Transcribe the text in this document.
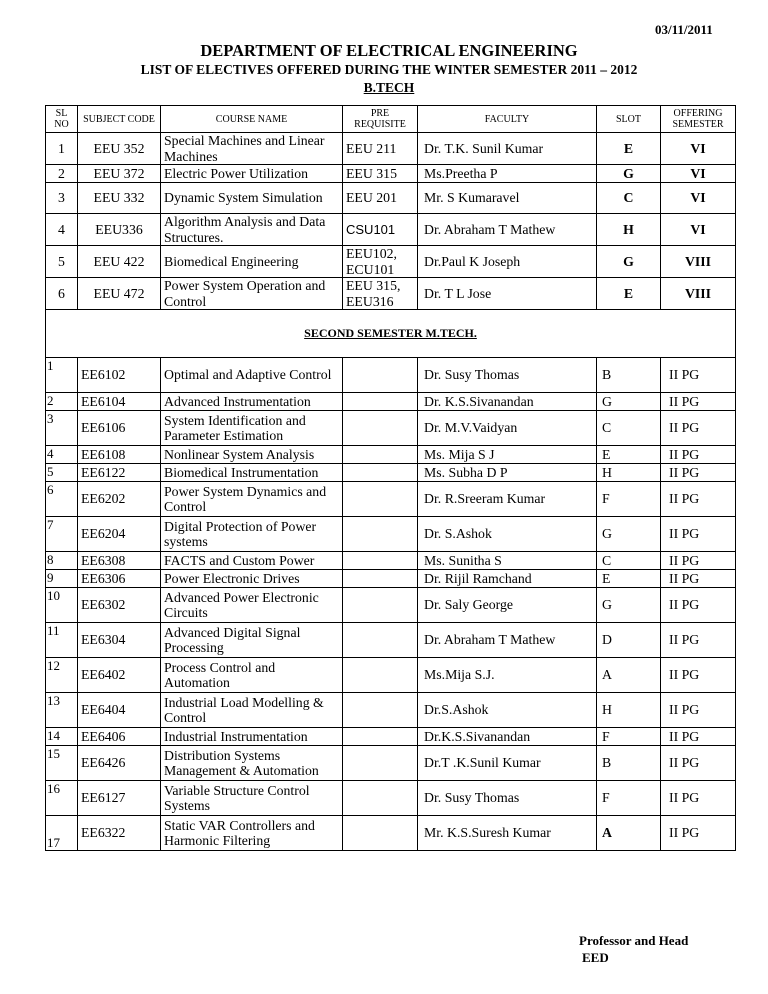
03/11/2011
DEPARTMENT OF ELECTRICAL ENGINEERING
LIST OF ELECTIVES OFFERED DURING THE WINTER SEMESTER 2011 – 2012
B.TECH
SL NO	SUBJECT CODE	COURSE NAME	PRE REQUISITE	FACULTY	SLOT	OFFERING SEMESTER
1	EEU 352	Special Machines and Linear Machines	EEU 211	Dr. T.K. Sunil Kumar	E	VI
2	EEU 372	Electric Power Utilization	EEU 315	Ms.Preetha P	G	VI
3	EEU 332	Dynamic System Simulation	EEU 201	Mr. S Kumaravel	C	VI
4	EEU336	Algorithm Analysis and Data Structures.	CSU101	Dr. Abraham T Mathew	H	VI
5	EEU 422	Biomedical Engineering	EEU102, ECU101	Dr.Paul K Joseph	G	VIII
6	EEU 472	Power System Operation and Control	EEU 315, EEU316	Dr. T L Jose	E	VIII
SECOND SEMESTER M.TECH.						
1	EE6102	Optimal and Adaptive Control		Dr. Susy Thomas	B	II PG
2	EE6104	Advanced Instrumentation		Dr. K.S.Sivanandan	G	II PG
3	EE6106	System Identification and Parameter Estimation		Dr. M.V.Vaidyan	C	II PG
4	EE6108	Nonlinear System Analysis		Ms. Mija S J	E	II PG
5	EE6122	Biomedical Instrumentation		Ms. Subha D P	H	II PG
6	EE6202	Power System Dynamics and Control		Dr. R.Sreeram Kumar	F	II PG
7	EE6204	Digital Protection of Power systems		Dr. S.Ashok	G	II PG
8	EE6308	FACTS and Custom Power		Ms. Sunitha S	C	II PG
9	EE6306	Power Electronic Drives		Dr. Rijil Ramchand	E	II PG
10	EE6302	Advanced Power Electronic Circuits		Dr. Saly George	G	II PG
11	EE6304	Advanced Digital Signal Processing		Dr. Abraham T Mathew	D	II PG
12	EE6402	Process Control and Automation		Ms.Mija S.J.	A	II PG
13	EE6404	Industrial Load Modelling & Control		Dr.S.Ashok	H	II PG
14	EE6406	Industrial Instrumentation		Dr.K.S.Sivanandan	F	II PG
15	EE6426	Distribution Systems Management & Automation		Dr.T .K.Sunil Kumar	B	II PG
16	EE6127	Variable Structure Control Systems		Dr. Susy Thomas	F	II PG
17	EE6322	Static VAR Controllers and Harmonic Filtering		Mr. K.S.Suresh Kumar	A	II PG
Professor and Head
EED
